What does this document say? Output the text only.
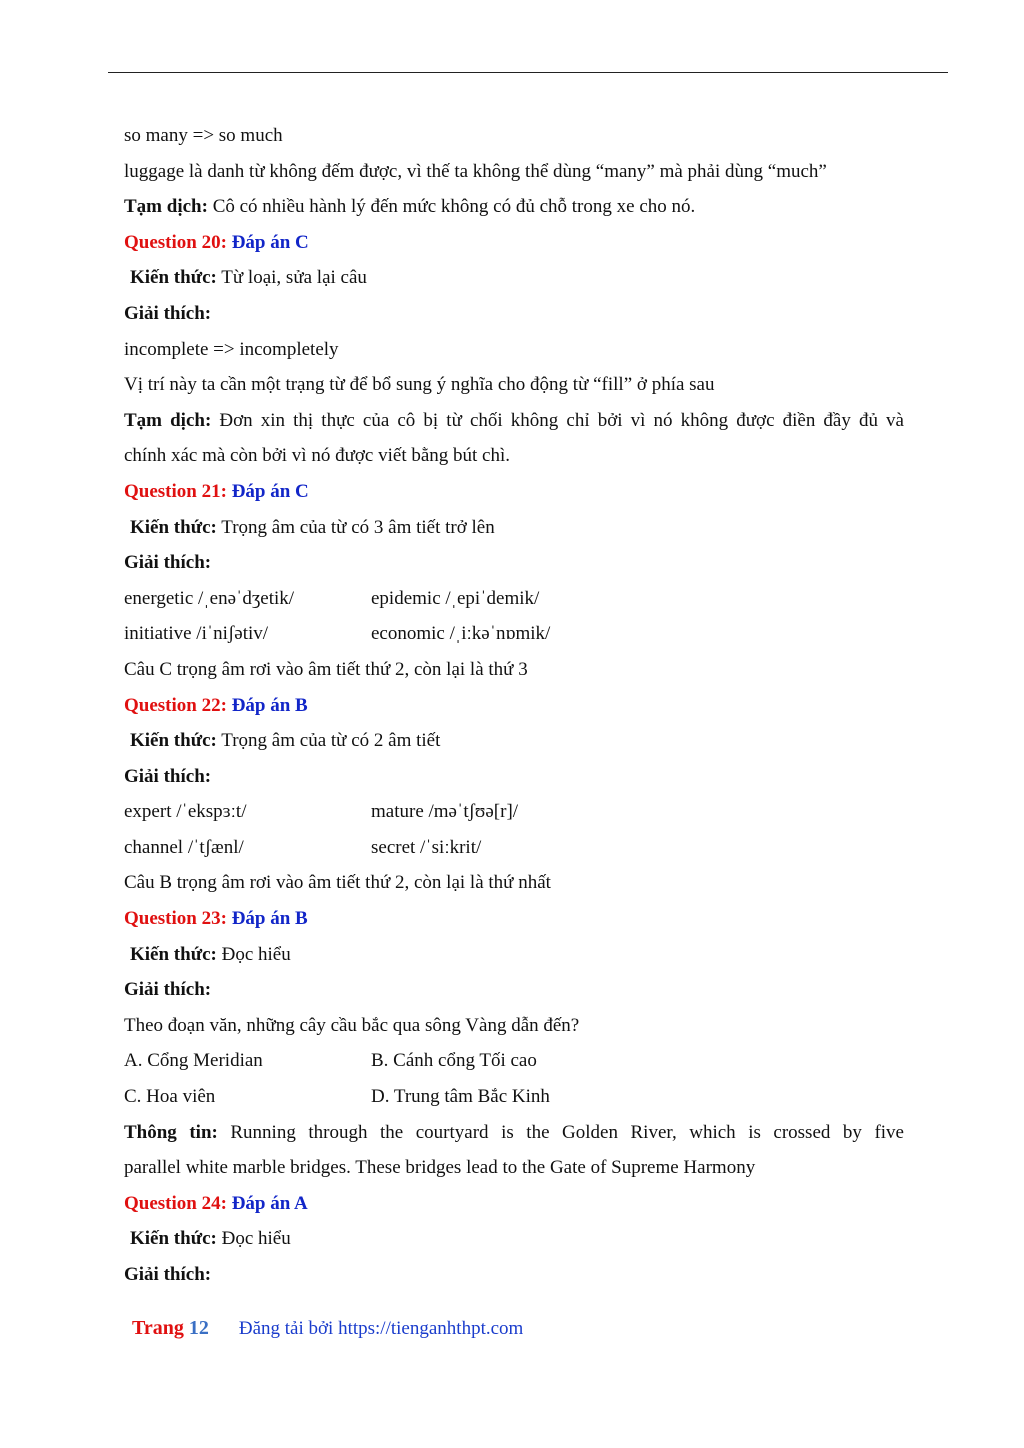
so many => so much
luggage là danh từ không đếm được, vì thế ta không thể dùng “many” mà phải dùng “much”
Tạm dịch: Cô có nhiều hành lý đến mức không có đủ chỗ trong xe cho nó.
Question 20: Đáp án C
Kiến thức: Từ loại, sửa lại câu
Giải thích:
incomplete => incompletely
Vị trí này ta cần một trạng từ để bổ sung ý nghĩa cho động từ “fill” ở phía sau
Tạm dịch: Đơn xin thị thực của cô bị từ chối không chỉ bởi vì nó không được điền đầy đủ và
chính xác mà còn bởi vì nó được viết bằng bút chì.
Question 21: Đáp án C
Kiến thức: Trọng âm của từ có 3 âm tiết trở lên
Giải thích:
energetic /ˌenəˈdʒetik/	epidemic /ˌepiˈdemik/
initiative /iˈniʃətiv/	economic /ˌiːkəˈnɒmik/
Câu C trọng âm rơi vào âm tiết thứ 2, còn lại là thứ 3
Question 22: Đáp án B
Kiến thức: Trọng âm của từ có 2 âm tiết
Giải thích:
expert /ˈekspɜːt/	mature /məˈtʃʊə[r]/
channel /ˈtʃænl/	secret /ˈsiːkrit/
Câu B trọng âm rơi vào âm tiết thứ 2, còn lại là thứ nhất
Question 23: Đáp án B
Kiến thức: Đọc hiểu
Giải thích:
Theo đoạn văn, những cây cầu bắc qua sông Vàng dẫn đến?
A. Cổng Meridian	B. Cánh cổng Tối cao
C. Hoa viên	D. Trung tâm Bắc Kinh
Thông tin: Running through the courtyard is the Golden River, which is crossed by five
parallel white marble bridges. These bridges lead to the Gate of Supreme Harmony
Question 24: Đáp án A
Kiến thức: Đọc hiểu
Giải thích:
Trang 12 Đăng tải bởi https://tienganhthpt.com
